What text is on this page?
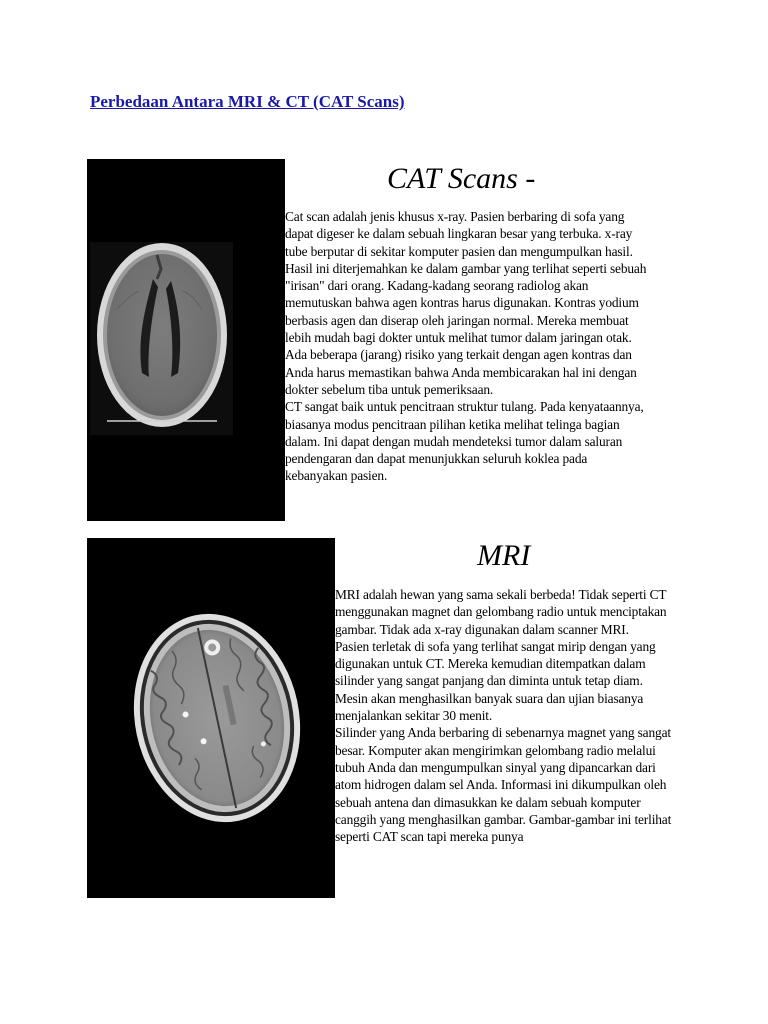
Perbedaan Antara MRI & CT (CAT Scans)
CAT Scans -
Cat scan adalah jenis khusus x-ray. Pasien berbaring di sofa yang dapat digeser ke dalam sebuah lingkaran besar yang terbuka. x-ray tube berputar di sekitar komputer pasien dan mengumpulkan hasil. Hasil ini diterjemahkan ke dalam gambar yang terlihat seperti sebuah "irisan" dari orang. Kadang-kadang seorang radiolog akan memutuskan bahwa agen kontras harus digunakan. Kontras yodium berbasis agen dan diserap oleh jaringan normal. Mereka membuat lebih mudah bagi dokter untuk melihat tumor dalam jaringan otak. Ada beberapa (jarang) risiko yang terkait dengan agen kontras dan Anda harus memastikan bahwa Anda membicarakan hal ini dengan dokter sebelum tiba untuk pemeriksaan.
CT sangat baik untuk pencitraan struktur tulang. Pada kenyataannya, biasanya modus pencitraan pilihan ketika melihat telinga bagian dalam. Ini dapat dengan mudah mendeteksi tumor dalam saluran pendengaran dan dapat menunjukkan seluruh koklea pada kebanyakan pasien.
MRI
MRI adalah hewan yang sama sekali berbeda! Tidak seperti CT menggunakan magnet dan gelombang radio untuk menciptakan gambar. Tidak ada x-ray digunakan dalam scanner MRI.
Pasien terletak di sofa yang terlihat sangat mirip dengan yang digunakan untuk CT. Mereka kemudian ditempatkan dalam silinder yang sangat panjang dan diminta untuk tetap diam. Mesin akan menghasilkan banyak suara dan ujian biasanya menjalankan sekitar 30 menit.
Silinder yang Anda berbaring di sebenarnya magnet yang sangat besar. Komputer akan mengirimkan gelombang radio melalui tubuh Anda dan mengumpulkan sinyal yang dipancarkan dari atom hidrogen dalam sel Anda. Informasi ini dikumpulkan oleh sebuah antena dan dimasukkan ke dalam sebuah komputer canggih yang menghasilkan gambar. Gambar-gambar ini terlihat seperti CAT scan tapi mereka punya
